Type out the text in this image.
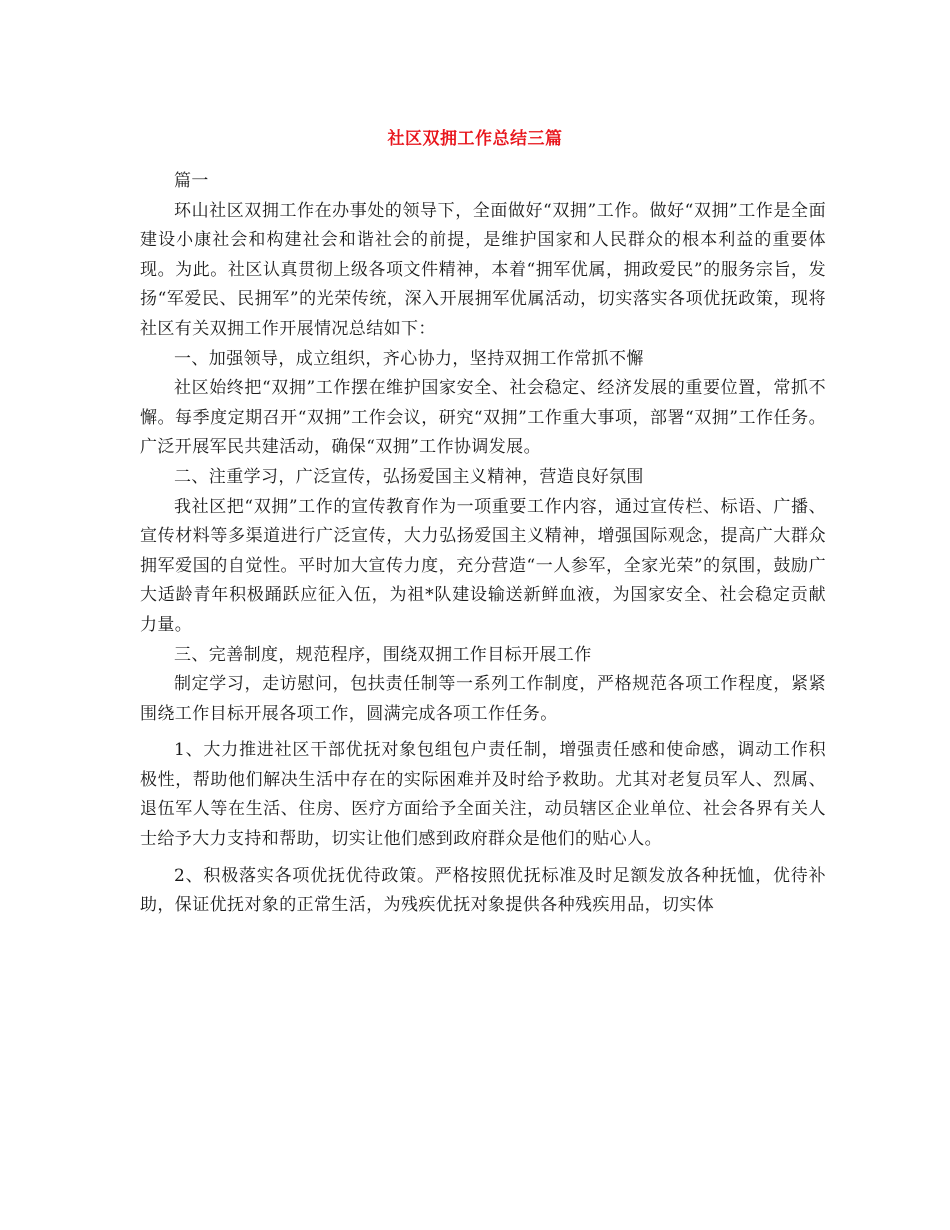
社区双拥工作总结三篇

篇一

环山社区双拥工作在办事处的领导下，全面做好“双拥”工作。做好“双拥”工作是全面建设小康社会和构建社会和谐社会的前提，是维护国家和人民群众的根本利益的重要体现。为此。社区认真贯彻上级各项文件精神，本着“拥军优属，拥政爱民”的服务宗旨，发扬“军爱民、民拥军”的光荣传统，深入开展拥军优属活动，切实落实各项优抚政策，现将社区有关双拥工作开展情况总结如下：

一、加强领导，成立组织，齐心协力，坚持双拥工作常抓不懈

社区始终把“双拥”工作摆在维护国家安全、社会稳定、经济发展的重要位置，常抓不懈。每季度定期召开“双拥”工作会议，研究“双拥”工作重大事项，部署“双拥”工作任务。广泛开展军民共建活动，确保“双拥”工作协调发展。

二、注重学习，广泛宣传，弘扬爱国主义精神，营造良好氛围

我社区把“双拥”工作的宣传教育作为一项重要工作内容，通过宣传栏、标语、广播、宣传材料等多渠道进行广泛宣传，大力弘扬爱国主义精神，增强国际观念，提高广大群众拥军爱国的自觉性。平时加大宣传力度，充分营造“一人参军，全家光荣”的氛围，鼓励广大适龄青年积极踊跃应征入伍，为祖*队建设输送新鲜血液，为国家安全、社会稳定贡献力量。

三、完善制度，规范程序，围绕双拥工作目标开展工作

制定学习，走访慰问，包扶责任制等一系列工作制度，严格规范各项工作程度，紧紧围绕工作目标开展各项工作，圆满完成各项工作任务。

1、大力推进社区干部优抚对象包组包户责任制，增强责任感和使命感，调动工作积极性，帮助他们解决生活中存在的实际困难并及时给予救助。尤其对老复员军人、烈属、退伍军人等在生活、住房、医疗方面给予全面关注，动员辖区企业单位、社会各界有关人士给予大力支持和帮助，切实让他们感到政府群众是他们的贴心人。

2、积极落实各项优抚优待政策。严格按照优抚标准及时足额发放各种抚恤，优待补助，保证优抚对象的正常生活，为残疾优抚对象提供各种残疾用品，切实体
